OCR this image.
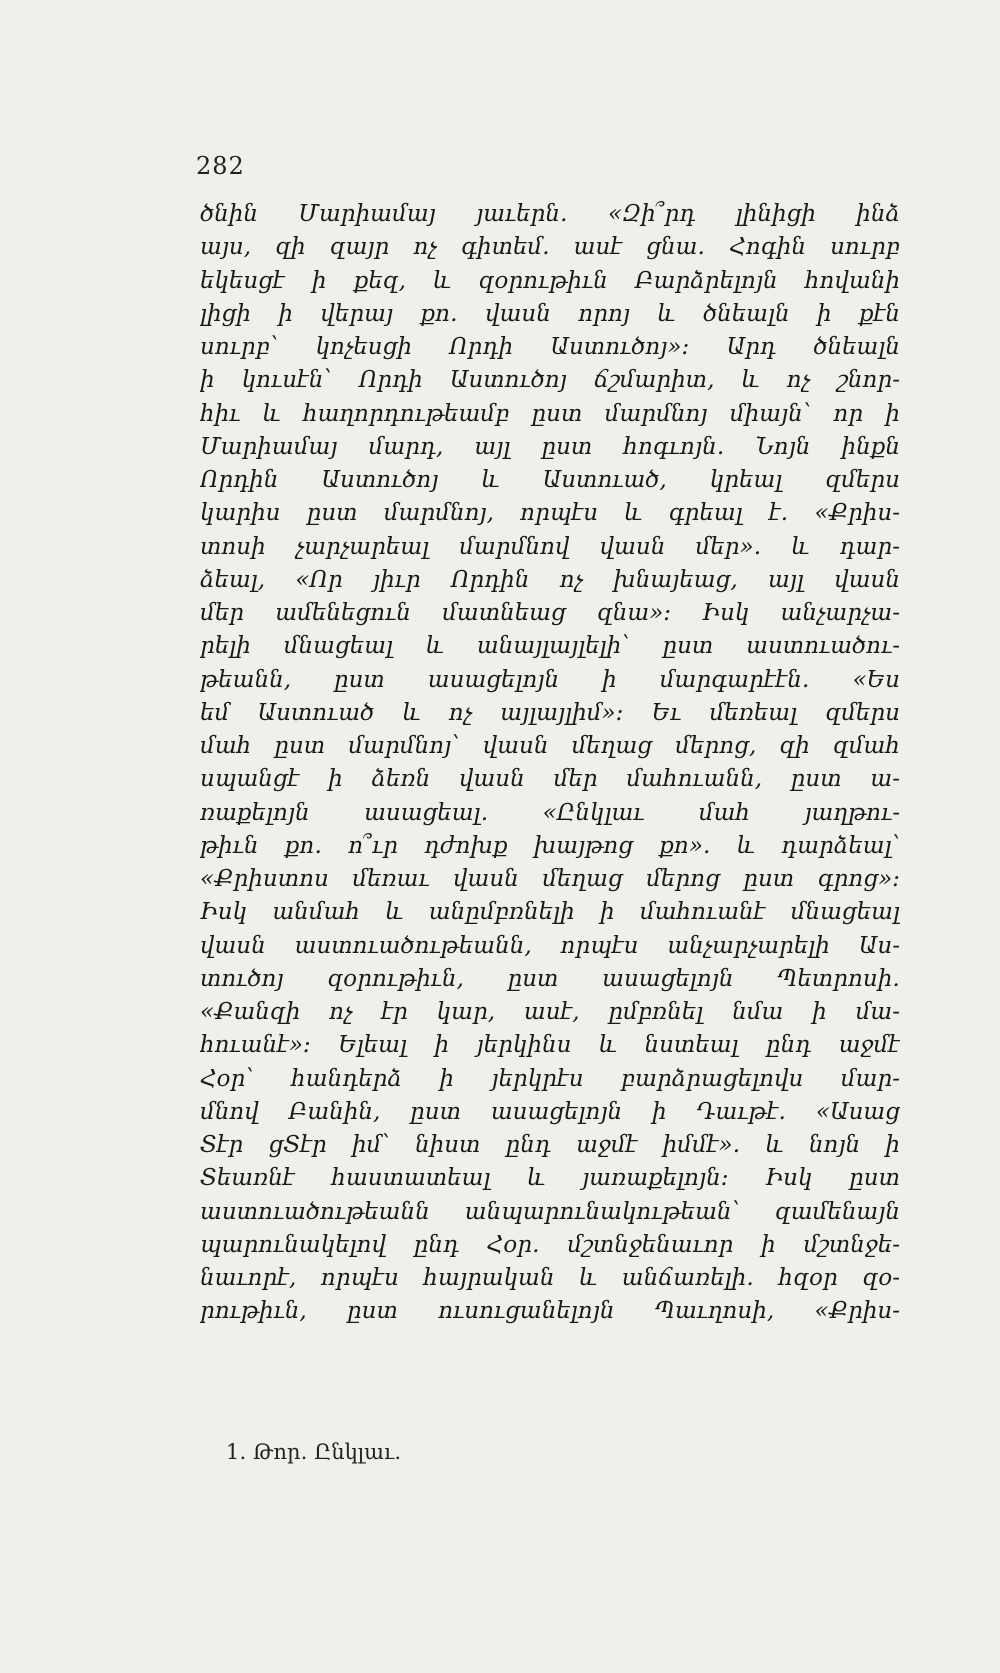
282
ծնին Մարիամայ յաւերն․ «Զի՞րդ լինիցի ինձ
այս, զի զայր ոչ գիտեմ. ասէ ցնա․ Հոգին սուրբ
եկեսցէ ի քեզ, և զօրութիւն Բարձրելոյն հովանի
լիցի ի վերայ քո․ վասն որոյ և ծնեալն ի քէն
սուրբ՝ կոչեսցի Որդի Աստուծոյ»։ Արդ ծնեալն
ի կուսէն՝ Որդի Աստուծոյ ճշմարիտ, և ոչ շնոր-
հիւ և հաղորդութեամբ ըստ մարմնոյ միայն՝ որ ի
Մարիամայ մարդ, այլ ըստ հոգւոյն․ Նոյն ինքն
Որդին Աստուծոյ և Աստուած, կրեալ զմերս
կարիս ըստ մարմնոյ, որպէս և գրեալ է․ «Քրիս-
տոսի չարչարեալ մարմնով վասն մեր»․ և դար-
ձեալ, «Որ յիւր Որդին ոչ խնայեաց, այլ վասն
մեր ամենեցուն մատնեաց զնա»։ Իսկ անչարչա-
րելի մնացեալ և անայլայլելի՝ ըստ աստուածու-
թեանն, ըստ ասացելոյն ի մարգարէէն․ «Ես
եմ Աստուած և ոչ այլայլիմ»։ Եւ մեռեալ զմերս
մահ ըստ մարմնոյ՝ վասն մեղաց մերոց, զի զմահ
սպանցէ ի ձեռն վասն մեր մահուանն, ըստ ա-
ռաքելոյն ասացեալ․ «Ընկլաւ մահ յաղթու-
թիւն քո․ ո՞ւր դժոխք խայթոց քո»․ և դարձեալ՝
«Քրիստոս մեռաւ վասն մեղաց մերոց ըստ գրոց»։
Իսկ անմահ և անըմբռնելի ի մահուանէ մնացեալ
վասն աստուածութեանն, որպէս անչարչարելի Աս-
տուծոյ զօրութիւն, ըստ ասացելոյն Պետրոսի․
«Քանզի ոչ էր կար, ասէ, ըմբռնել նմա ի մա-
հուանէ»։ Ելեալ ի յերկինս և նստեալ ընդ աջմէ
Հօր՝ հանդերձ ի յերկրէս բարձրացելովս մար-
մնով Բանին, ըստ ասացելոյն ի Դաւթէ․ «Ասաց
Տէր ցՏէր իմ՝ նիստ ընդ աջմէ իմմէ»․ և նոյն ի
Տեառնէ հաստատեալ և յառաքելոյն։ Իսկ ըստ
աստուածութեանն անպարունակութեան՝ զամենայն
պարունակելով ընդ Հօր․ մշտնջենաւոր ի մշտնջե-
նաւորէ, որպէս հայրական և անճառելի․ հզօր զօ-
րութիւն, ըստ ուսուցանելոյն Պաւղոսի, «Քրիս-
1․ Թոր․ Ընկլաւ․
